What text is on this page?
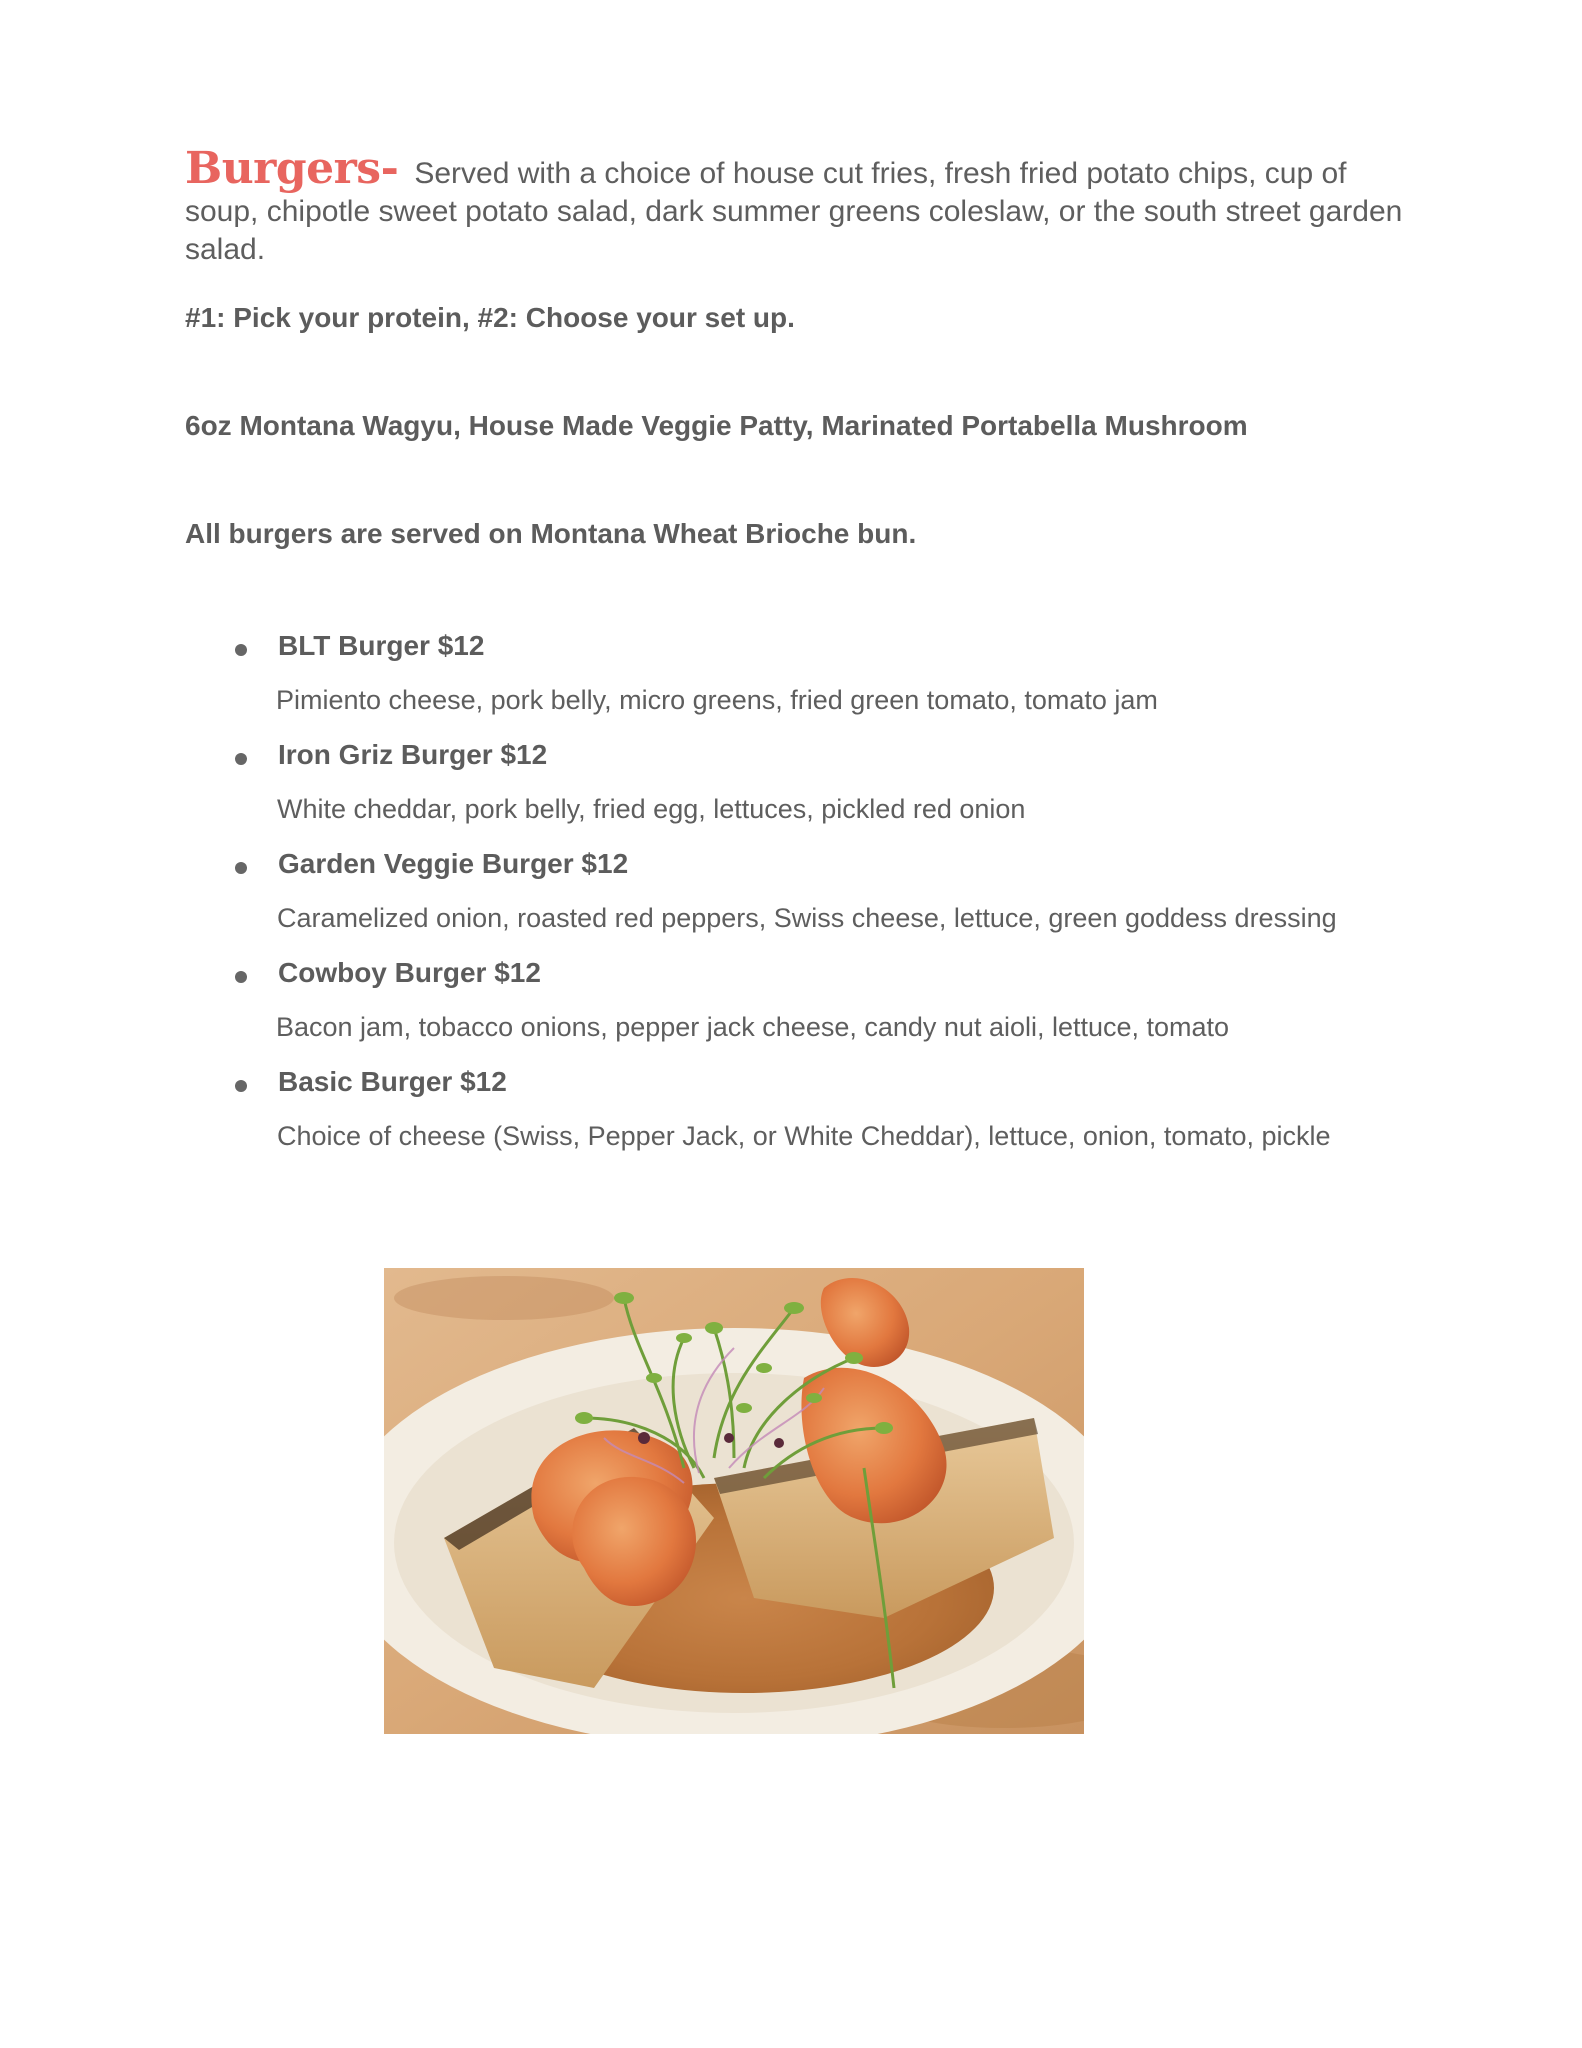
Burgers- Served with a choice of house cut fries, fresh fried potato chips, cup of soup, chipotle sweet potato salad, dark summer greens coleslaw, or the south street garden salad.

#1: Pick your protein, #2: Choose your set up.

6oz Montana Wagyu, House Made Veggie Patty, Marinated Portabella Mushroom

All burgers are served on Montana Wheat Brioche bun.

BLT Burger $12
Pimiento cheese, pork belly, micro greens, fried green tomato, tomato jam
Iron Griz Burger $12
White cheddar, pork belly, fried egg, lettuces, pickled red onion
Garden Veggie Burger $12
Caramelized onion, roasted red peppers, Swiss cheese, lettuce, green goddess dressing
Cowboy Burger $12
Bacon jam, tobacco onions, pepper jack cheese, candy nut aioli, lettuce, tomato
Basic Burger $12
Choice of cheese (Swiss, Pepper Jack, or White Cheddar), lettuce, onion, tomato, pickle
